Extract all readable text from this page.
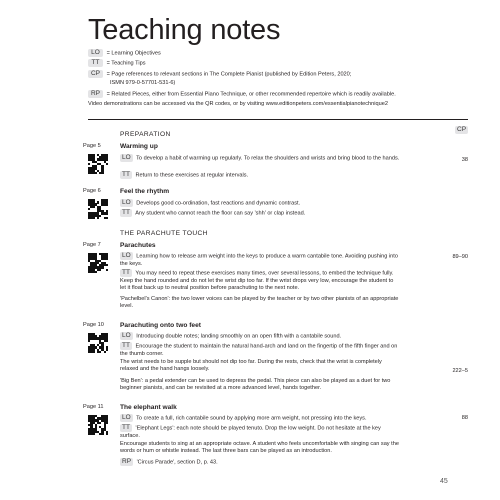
Teaching notes
LO = Learning Objectives
TT = Teaching Tips
CP = Page references to relevant sections in The Complete Pianist (published by Edition Peters, 2020;
ISMN 979-0-57701-531-6)
RP = Related Pieces, either from Essential Piano Technique, or other recommended repertoire which is readily available.
Video demonstrations can be accessed via the QR codes, or by visiting www.editionpeters.com/essentialpianotechnique2
CP
PREPARATION
Page 5	Warming up
LO To develop a habit of warming up regularly. To relax the shoulders and wrists and bring blood to the hands.
TT Return to these exercises at regular intervals.
38
Page 6	Feel the rhythm
LO Develops good co-ordination, fast reactions and dynamic contrast.
TT Any student who cannot reach the floor can say 'shh' or clap instead.
THE PARACHUTE TOUCH
Page 7	Parachutes
LO Learning how to release arm weight into the keys to produce a warm cantabile tone. Avoiding pushing into the keys.
TT You may need to repeat these exercises many times, over several lessons, to embed the technique fully. Keep the hand rounded and do not let the wrist dip too far. If the wrist drops very low, encourage the student to let it float back up to neutral position before parachuting to the next note.
'Pachelbel's Canon': the two lower voices can be played by the teacher or by two other pianists of an appropriate level.
89–90
Page 10 Parachuting onto two feet
LO Introducing double notes; landing smoothly on an open fifth with a cantabile sound.
TT Encourage the student to maintain the natural hand-arch and land on the fingertip of the fifth finger and on the thumb corner.
The wrist needs to be supple but should not dip too far. During the rests, check that the wrist is completely relaxed and the hand hangs loosely.
'Big Ben': a pedal extender can be used to depress the pedal. This piece can also be played as a duet for two beginner pianists, and can be revisited at a more advanced level, hands together.
222–5
Page 11	The elephant walk
LO To create a full, rich cantabile sound by applying more arm weight, not pressing into the keys.
TT 'Elephant Legs': each note should be played tenuto. Drop the low weight. Do not hesitate at the key surface.
Encourage students to sing at an appropriate octave. A student who feels uncomfortable with singing can say the words or hum or whistle instead. The last three bars can be played as an introduction.
RP 'Circus Parade', section D, p. 43.
88
45
